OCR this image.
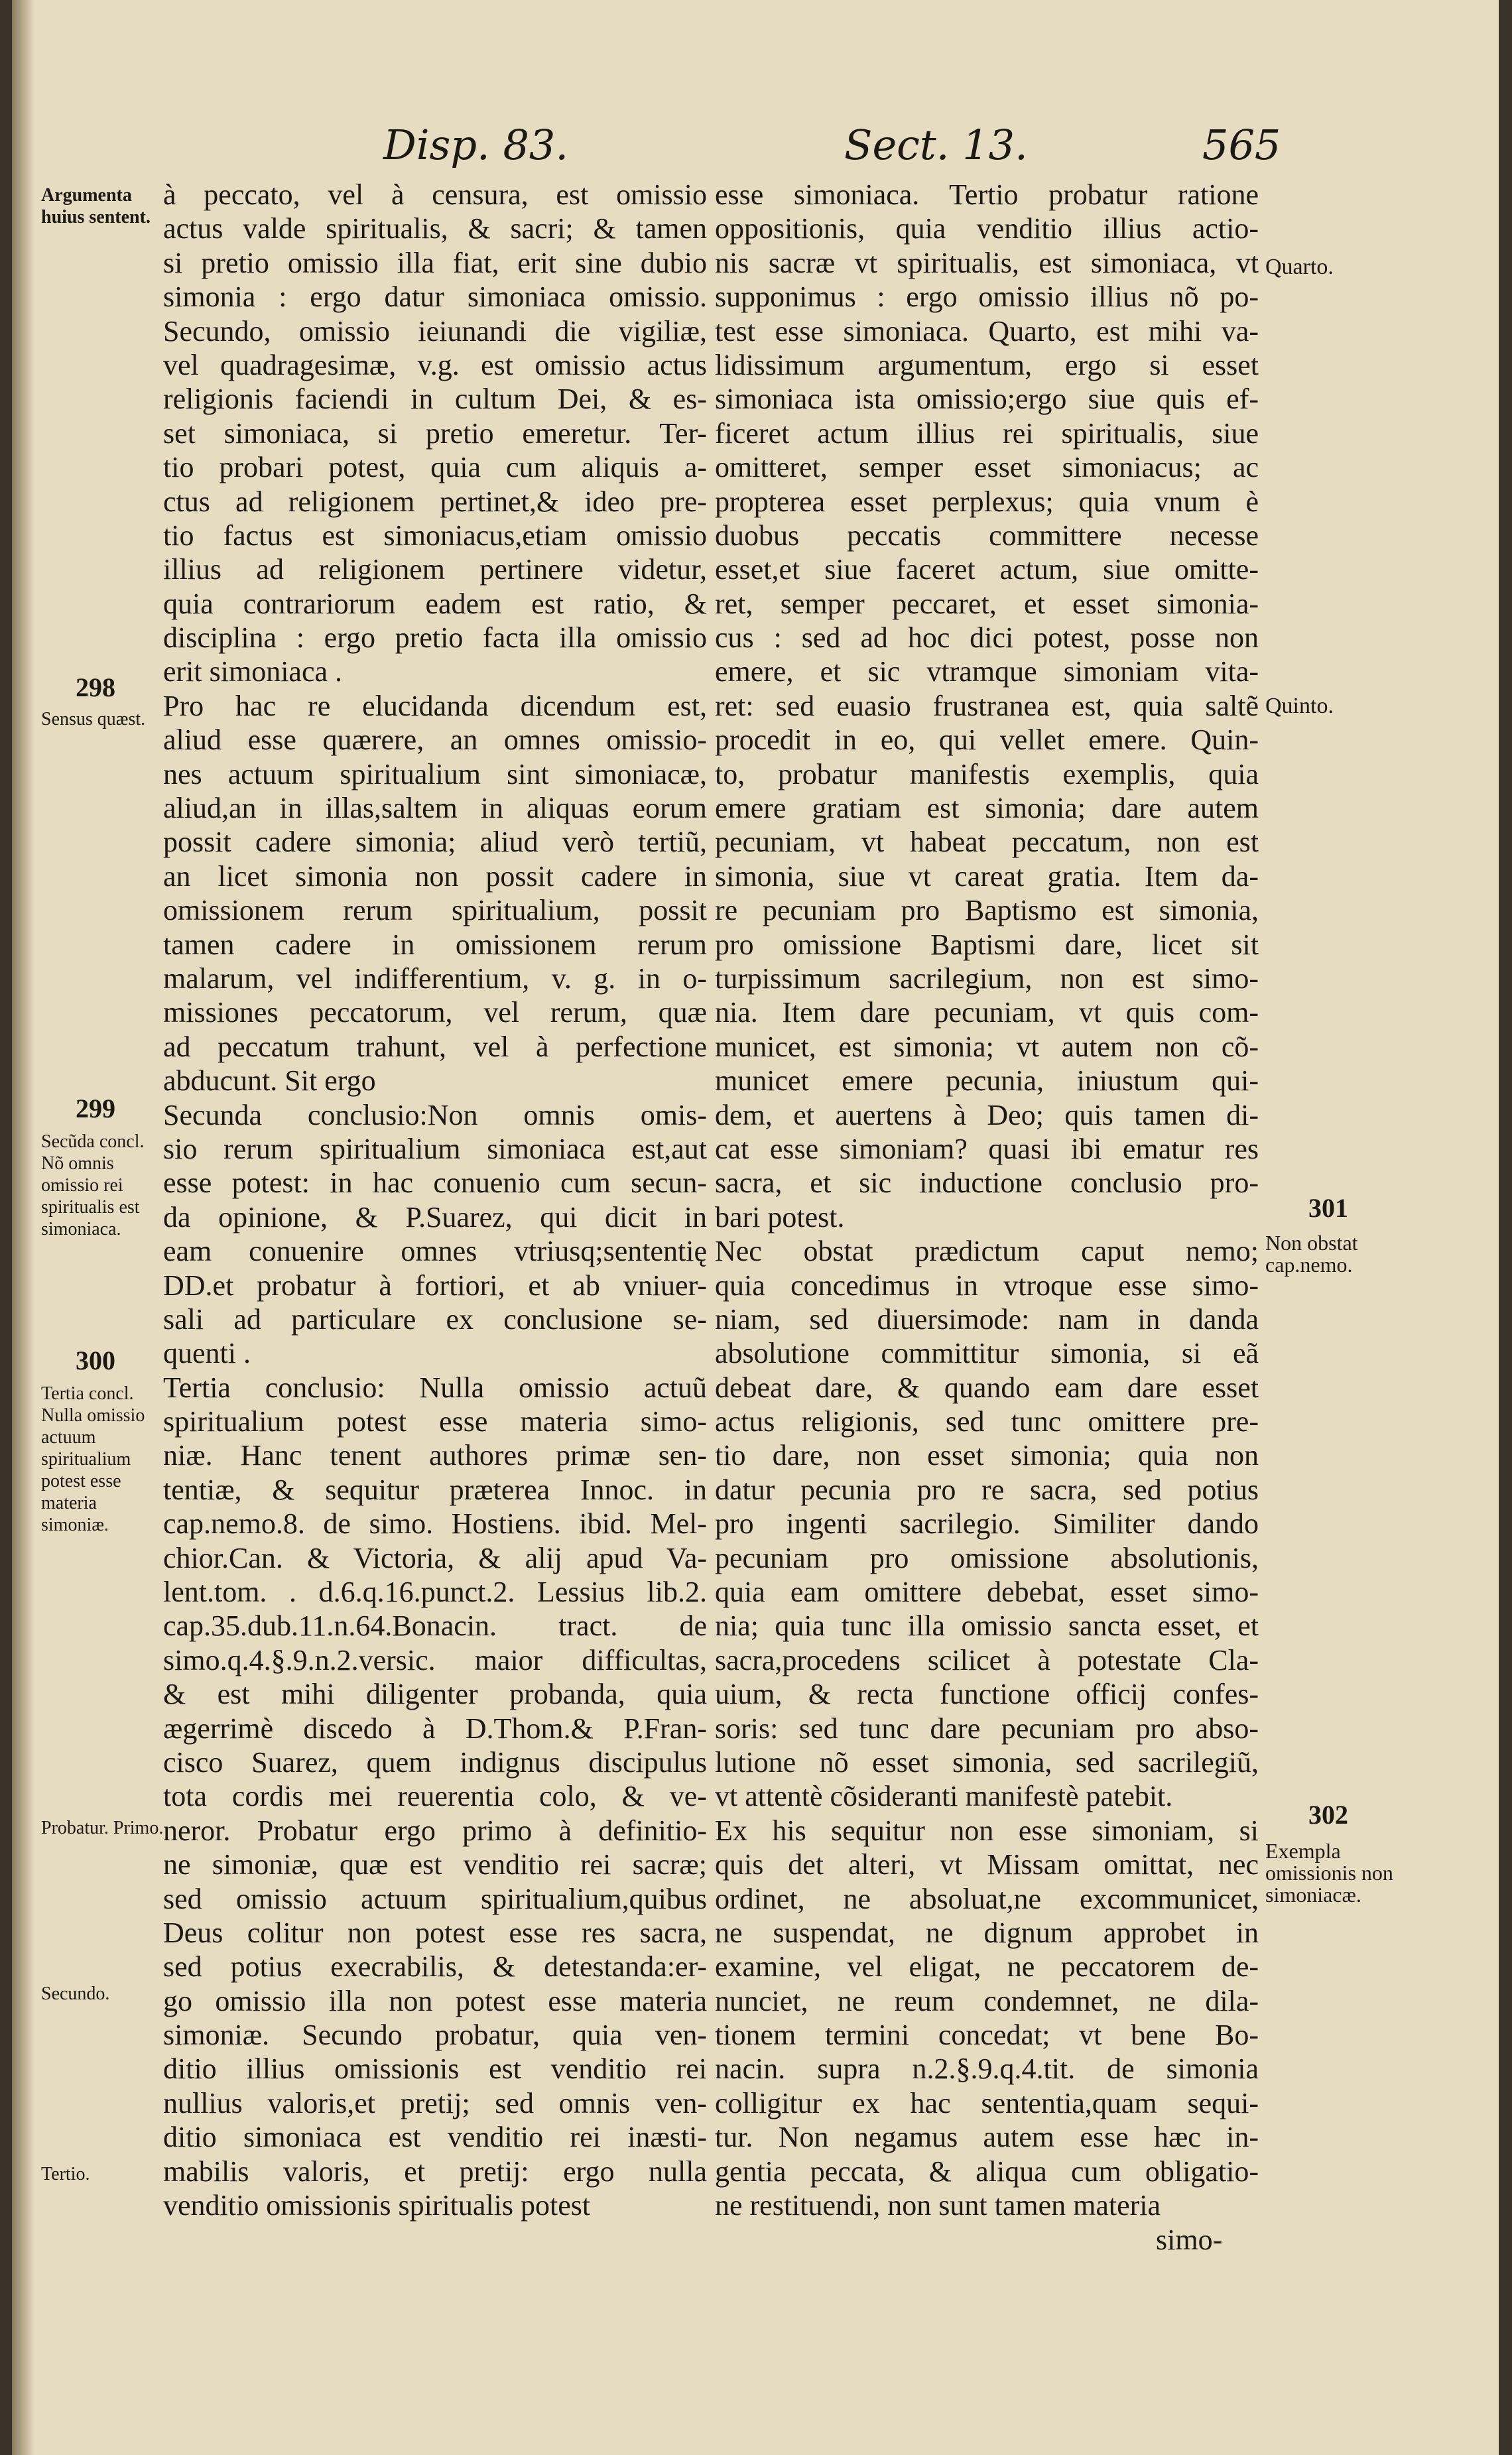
Disp. 83.	Sect. 13.	565
à peccato, vel à censura, est omissio
actus valde spiritualis, & sacri; & tamen
si pretio omissio illa fiat, erit sine dubio
simonia : ergo datur simoniaca omissio.
Secundo, omissio ieiunandi die vigiliæ,
vel quadragesimæ, v.g. est omissio actus
religionis faciendi in cultum Dei, & es-
set simoniaca, si pretio emeretur. Ter-
tio probari potest, quia cum aliquis a-
ctus ad religionem pertinet,& ideo pre-
tio factus est simoniacus,etiam omissio
illius ad religionem pertinere videtur,
quia contrariorum eadem est ratio, &
disciplina : ergo pretio facta illa omissio
erit simoniaca .
Pro hac re elucidanda dicendum est,
aliud esse quærere, an omnes omissio-
nes actuum spiritualium sint simoniacæ,
aliud,an in illas,saltem in aliquas eorum
possit cadere simonia; aliud verò tertiũ,
an licet simonia non possit cadere in
omissionem rerum spiritualium, possit
tamen cadere in omissionem rerum
malarum, vel indifferentium, v. g. in o-
missiones peccatorum, vel rerum, quæ
ad peccatum trahunt, vel à perfectione
abducunt. Sit ergo
Secunda conclusio:Non omnis omis-
sio rerum spiritualium simoniaca est,aut
esse potest: in hac conuenio cum secun-
da opinione, & P.Suarez, qui dicit in
eam conuenire omnes vtriusq;sententię
DD.et probatur à fortiori, et ab vniuer-
sali ad particulare ex conclusione se-
quenti .
Tertia conclusio: Nulla omissio actuũ
spiritualium potest esse materia simo-
niæ. Hanc tenent authores primæ sen-
tentiæ, & sequitur præterea Innoc. in
cap.nemo.8. de simo. Hostiens. ibid. Mel-
chior.Can. & Victoria, & alij apud Va-
lent.tom. . d.6.q.16.punct.2. Lessius lib.2.
cap.35.dub.11.n.64.Bonacin. tract. de
simo.q.4.§.9.n.2.versic. maior difficultas,
& est mihi diligenter probanda, quia
ægerrimè discedo à D.Thom.& P.Fran-
cisco Suarez, quem indignus discipulus
tota cordis mei reuerentia colo, & ve-
neror. Probatur ergo primo à definitio-
ne simoniæ, quæ est venditio rei sacræ;
sed omissio actuum spiritualium,quibus
Deus colitur non potest esse res sacra,
sed potius execrabilis, & detestanda:er-
go omissio illa non potest esse materia
simoniæ. Secundo probatur, quia ven-
ditio illius omissionis est venditio rei
nullius valoris,et pretij; sed omnis ven-
ditio simoniaca est venditio rei inæsti-
mabilis valoris, et pretij: ergo nulla
venditio omissionis spiritualis potest
esse simoniaca. Tertio probatur ratione
oppositionis, quia venditio illius actio-
nis sacræ vt spiritualis, est simoniaca, vt
supponimus : ergo omissio illius nõ po-
test esse simoniaca. Quarto, est mihi va-
lidissimum argumentum, ergo si esset
simoniaca ista omissio;ergo siue quis ef-
ficeret actum illius rei spiritualis, siue
omitteret, semper esset simoniacus; ac
propterea esset perplexus; quia vnum è
duobus peccatis committere necesse
esset,et siue faceret actum, siue omitte-
ret, semper peccaret, et esset simonia-
cus : sed ad hoc dici potest, posse non
emere, et sic vtramque simoniam vita-
ret: sed euasio frustranea est, quia saltẽ
procedit in eo, qui vellet emere. Quin-
to, probatur manifestis exemplis, quia
emere gratiam est simonia; dare autem
pecuniam, vt habeat peccatum, non est
simonia, siue vt careat gratia. Item da-
re pecuniam pro Baptismo est simonia,
pro omissione Baptismi dare, licet sit
turpissimum sacrilegium, non est simo-
nia. Item dare pecuniam, vt quis com-
municet, est simonia; vt autem non cõ-
municet emere pecunia, iniustum qui-
dem, et auertens à Deo; quis tamen di-
cat esse simoniam? quasi ibi ematur res
sacra, et sic inductione conclusio pro-
bari potest.
Nec obstat prædictum caput nemo;
quia concedimus in vtroque esse simo-
niam, sed diuersimode: nam in danda
absolutione committitur simonia, si eã
debeat dare, & quando eam dare esset
actus religionis, sed tunc omittere pre-
tio dare, non esset simonia; quia non
datur pecunia pro re sacra, sed potius
pro ingenti sacrilegio. Similiter dando
pecuniam pro omissione absolutionis,
quia eam omittere debebat, esset simo-
nia; quia tunc illa omissio sancta esset, et
sacra,procedens scilicet à potestate Cla-
uium, & recta functione officij confes-
soris: sed tunc dare pecuniam pro abso-
lutione nõ esset simonia, sed sacrilegiũ,
vt attentè cõsideranti manifestè patebit.
Ex his sequitur non esse simoniam, si
quis det alteri, vt Missam omittat, nec
ordinet, ne absoluat,ne excommunicet,
ne suspendat, ne dignum approbet in
examine, vel eligat, ne peccatorem de-
nunciet, ne reum condemnet, ne dila-
tionem termini concedat; vt bene Bo-
nacin. supra n.2.§.9.q.4.tit. de simonia
colligitur ex hac sententia,quam sequi-
tur. Non negamus autem esse hæc in-
gentia peccata, & aliqua cum obligatio-
ne restituendi, non sunt tamen materia
Argumenta huius sentent.
298
Sensus quæst.
299
Secũda concl. Nõ omnis omissio rei spiritualis est simoniaca.
300
Tertia concl. Nulla omissio actuum spiritualium potest esse materia simoniæ.
Probatur. Primo.
Secundo.
Tertio.
Quarto.
Quinto.
301
Non obstat cap.nemo.
302
Exempla omissionis non simoniacæ.
simo-
